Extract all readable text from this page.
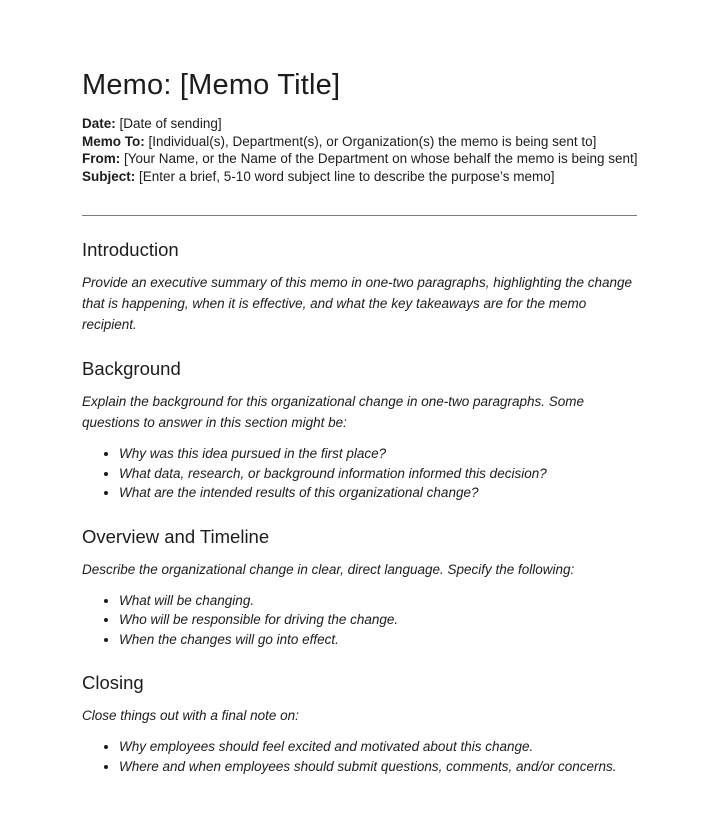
Memo: [Memo Title]
Date: [Date of sending]
Memo To: [Individual(s), Department(s), or Organization(s) the memo is being sent to]
From: [Your Name, or the Name of the Department on whose behalf the memo is being sent]
Subject: [Enter a brief, 5-10 word subject line to describe the purpose’s memo]
Introduction

Provide an executive summary of this memo in one-two paragraphs, highlighting the change that is happening, when it is effective, and what the key takeaways are for the memo recipient.

Background

Explain the background for this organizational change in one-two paragraphs. Some questions to answer in this section might be:

• Why was this idea pursued in the first place?
• What data, research, or background information informed this decision?
• What are the intended results of this organizational change?
Overview and Timeline

Describe the organizational change in clear, direct language. Specify the following:

• What will be changing.
• Who will be responsible for driving the change.
• When the changes will go into effect.
Closing

Close things out with a final note on:

• Why employees should feel excited and motivated about this change.
• Where and when employees should submit questions, comments, and/or concerns.
